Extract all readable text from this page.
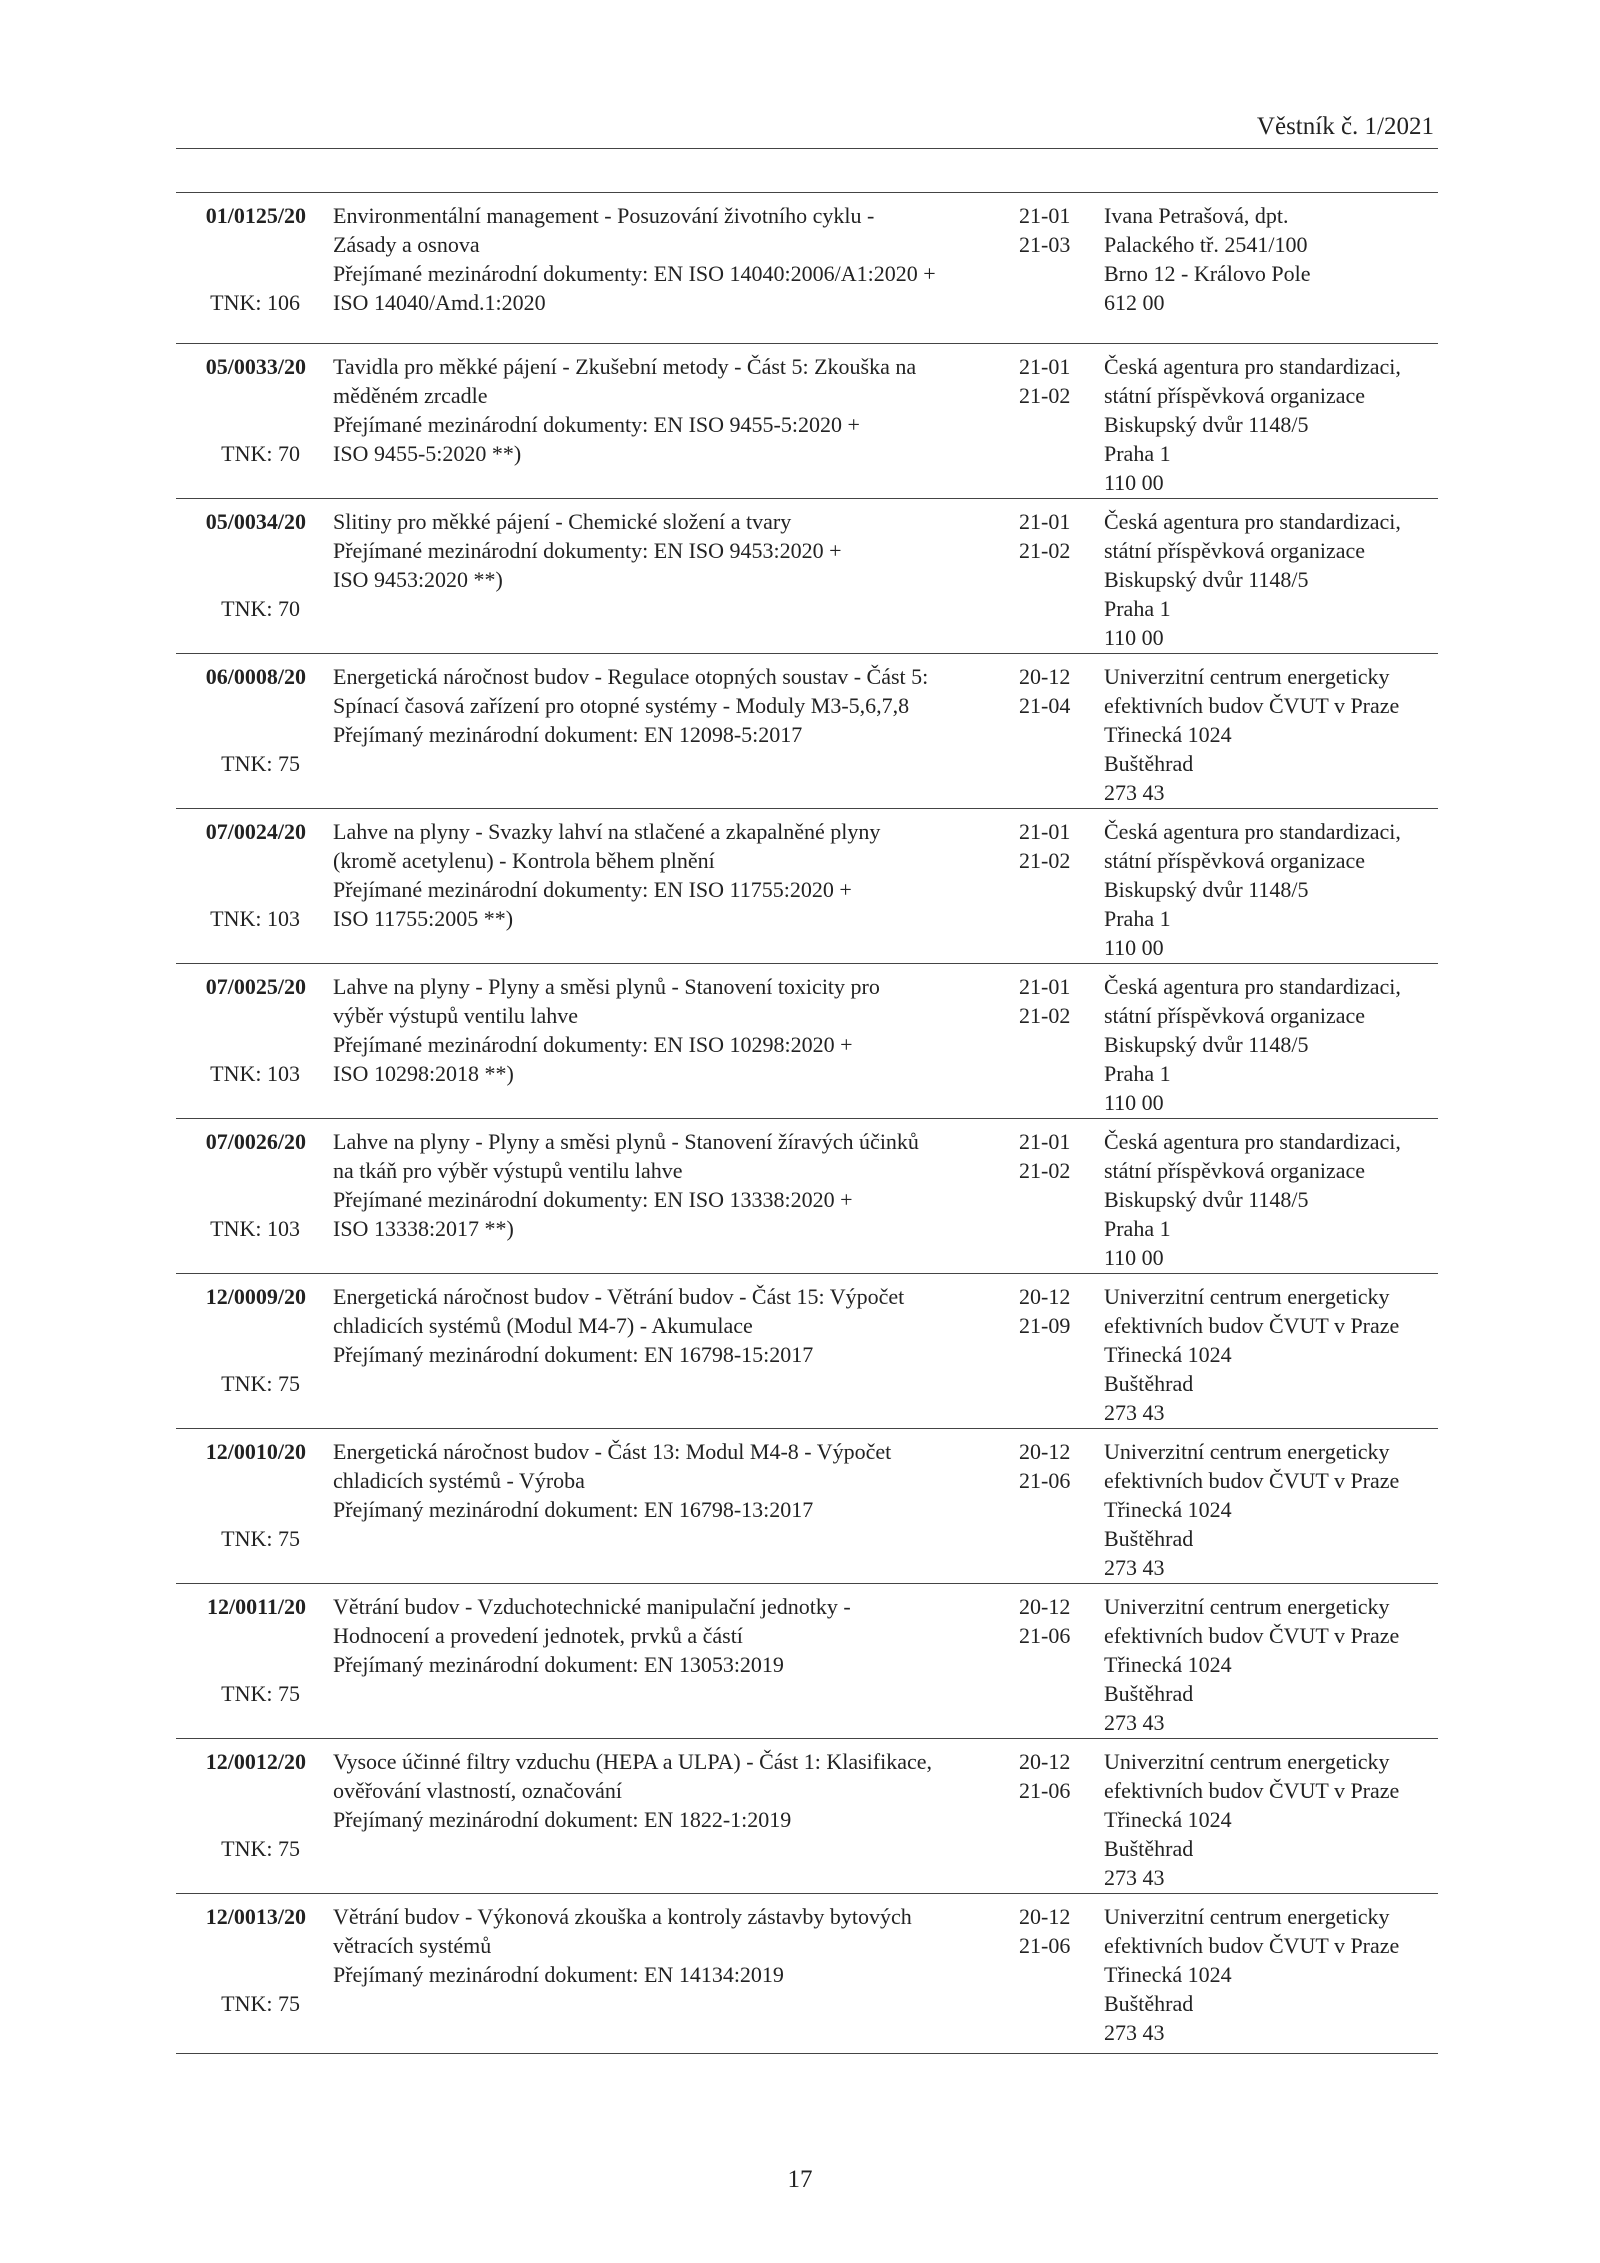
Věstník č. 1/2021
01/0125/20
TNK: 106
Environmentální management - Posuzování životního cyklu -
Zásady a osnova
Přejímané mezinárodní dokumenty: EN ISO 14040:2006/A1:2020 +
ISO 14040/Amd.1:2020
21-01
21-03
Ivana Petrašová, dpt.
Palackého tř. 2541/100
Brno 12 - Královo Pole
612 00
05/0033/20
TNK: 70
Tavidla pro měkké pájení - Zkušební metody - Část 5: Zkouška na
měděném zrcadle
Přejímané mezinárodní dokumenty: EN ISO 9455-5:2020 +
ISO 9455-5:2020 **)
21-01
21-02
Česká agentura pro standardizaci,
státní příspěvková organizace
Biskupský dvůr 1148/5
Praha 1
110 00
05/0034/20
TNK: 70
Slitiny pro měkké pájení - Chemické složení a tvary
Přejímané mezinárodní dokumenty: EN ISO 9453:2020 +
ISO 9453:2020 **)
21-01
21-02
Česká agentura pro standardizaci,
státní příspěvková organizace
Biskupský dvůr 1148/5
Praha 1
110 00
06/0008/20
TNK: 75
Energetická náročnost budov - Regulace otopných soustav - Část 5:
Spínací časová zařízení pro otopné systémy - Moduly M3-5,6,7,8
Přejímaný mezinárodní dokument: EN 12098-5:2017
20-12
21-04
Univerzitní centrum energeticky
efektivních budov ČVUT v Praze
Třinecká 1024
Buštěhrad
273 43
07/0024/20
TNK: 103
Lahve na plyny - Svazky lahví na stlačené a zkapalněné plyny
(kromě acetylenu) - Kontrola během plnění
Přejímané mezinárodní dokumenty: EN ISO 11755:2020 +
ISO 11755:2005 **)
21-01
21-02
Česká agentura pro standardizaci,
státní příspěvková organizace
Biskupský dvůr 1148/5
Praha 1
110 00
07/0025/20
TNK: 103
Lahve na plyny - Plyny a směsi plynů - Stanovení toxicity pro
výběr výstupů ventilu lahve
Přejímané mezinárodní dokumenty: EN ISO 10298:2020 +
ISO 10298:2018 **)
21-01
21-02
Česká agentura pro standardizaci,
státní příspěvková organizace
Biskupský dvůr 1148/5
Praha 1
110 00
07/0026/20
TNK: 103
Lahve na plyny - Plyny a směsi plynů - Stanovení žíravých účinků
na tkáň pro výběr výstupů ventilu lahve
Přejímané mezinárodní dokumenty: EN ISO 13338:2020 +
ISO 13338:2017 **)
21-01
21-02
Česká agentura pro standardizaci,
státní příspěvková organizace
Biskupský dvůr 1148/5
Praha 1
110 00
12/0009/20
TNK: 75
Energetická náročnost budov - Větrání budov - Část 15: Výpočet
chladicích systémů (Modul M4-7) - Akumulace
Přejímaný mezinárodní dokument: EN 16798-15:2017
20-12
21-09
Univerzitní centrum energeticky
efektivních budov ČVUT v Praze
Třinecká 1024
Buštěhrad
273 43
12/0010/20
TNK: 75
Energetická náročnost budov - Část 13: Modul M4-8 - Výpočet
chladicích systémů - Výroba
Přejímaný mezinárodní dokument: EN 16798-13:2017
20-12
21-06
Univerzitní centrum energeticky
efektivních budov ČVUT v Praze
Třinecká 1024
Buštěhrad
273 43
12/0011/20
TNK: 75
Větrání budov - Vzduchotechnické manipulační jednotky -
Hodnocení a provedení jednotek, prvků a částí
Přejímaný mezinárodní dokument: EN 13053:2019
20-12
21-06
Univerzitní centrum energeticky
efektivních budov ČVUT v Praze
Třinecká 1024
Buštěhrad
273 43
12/0012/20
TNK: 75
Vysoce účinné filtry vzduchu (HEPA a ULPA) - Část 1: Klasifikace,
ověřování vlastností, označování
Přejímaný mezinárodní dokument: EN 1822-1:2019
20-12
21-06
Univerzitní centrum energeticky
efektivních budov ČVUT v Praze
Třinecká 1024
Buštěhrad
273 43
12/0013/20
TNK: 75
Větrání budov - Výkonová zkouška a kontroly zástavby bytových
větracích systémů
Přejímaný mezinárodní dokument: EN 14134:2019
20-12
21-06
Univerzitní centrum energeticky
efektivních budov ČVUT v Praze
Třinecká 1024
Buštěhrad
273 43
17
